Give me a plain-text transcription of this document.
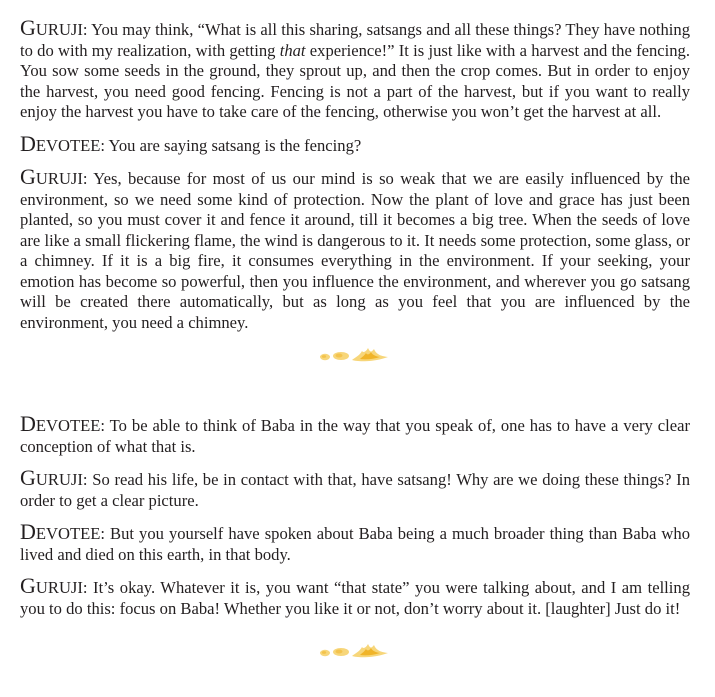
GURUJI: You may think, “What is all this sharing, satsangs and all these things? They have nothing to do with my realization, with getting that experience!” It is just like with a harvest and the fencing. You sow some seeds in the ground, they sprout up, and then the crop comes. But in order to enjoy the harvest, you need good fencing. Fencing is not a part of the harvest, but if you want to really enjoy the harvest you have to take care of the fencing, otherwise you won’t get the harvest at all.

DEVOTEE: You are saying satsang is the fencing?

GURUJI: Yes, because for most of us our mind is so weak that we are easily influenced by the environment, so we need some kind of protection. Now the plant of love and grace has just been planted, so you must cover it and fence it around, till it becomes a big tree. When the seeds of love are like a small flickering flame, the wind is dangerous to it. It needs some protection, some glass, or a chimney. If it is a big fire, it consumes everything in the environment. If your seeking, your emotion has become so powerful, then you influence the environment, and wherever you go satsang will be created there automatically, but as long as you feel that you are influenced by the environment, you need a chimney.

DEVOTEE: To be able to think of Baba in the way that you speak of, one has to have a very clear conception of what that is.

GURUJI: So read his life, be in contact with that, have satsang! Why are we doing these things? In order to get a clear picture.

DEVOTEE: But you yourself have spoken about Baba being a much broader thing than Baba who lived and died on this earth, in that body.

GURUJI: It’s okay. Whatever it is, you want “that state” you were talking about, and I am telling you to do this: focus on Baba! Whether you like it or not, don’t worry about it. [laughter] Just do it!
